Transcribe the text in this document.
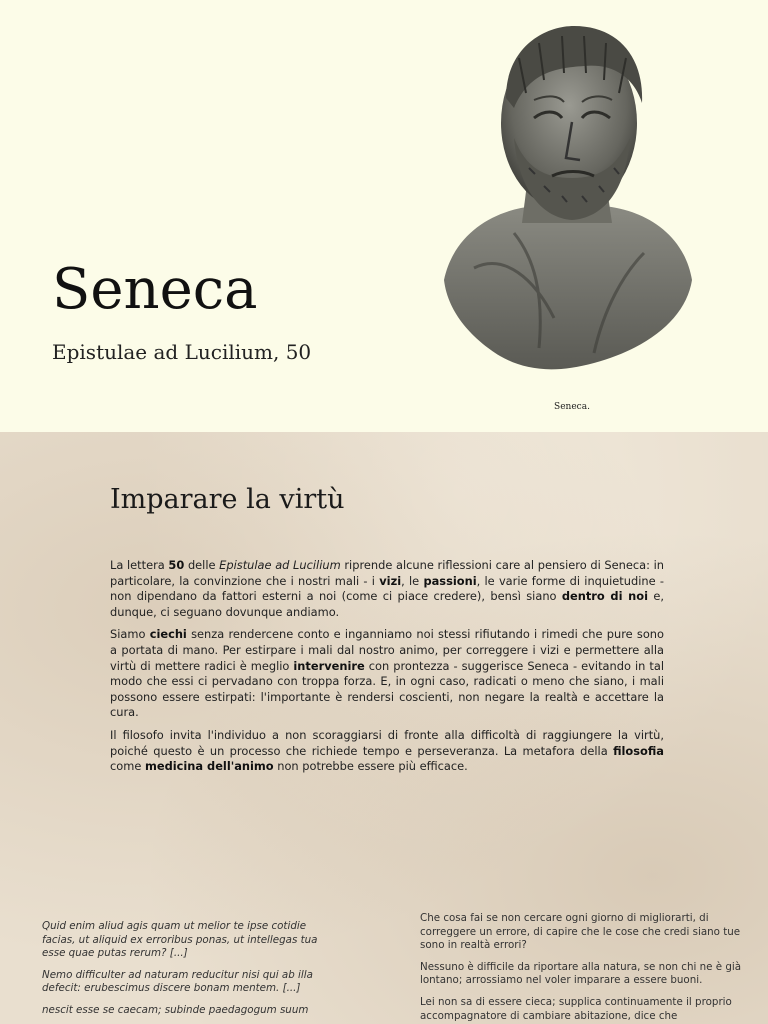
Seneca
Epistulae ad Lucilium, 50
Seneca.
Imparare la virtù

La lettera 50 delle Epistulae ad Lucilium riprende alcune riflessioni care al pensiero di Seneca: in particolare, la convinzione che i nostri mali - i vizi, le passioni, le varie forme di inquietudine - non dipendano da fattori esterni a noi (come ci piace credere), bensì siano dentro di noi e, dunque, ci seguano dovunque andiamo.

Siamo ciechi senza rendercene conto e inganniamo noi stessi rifiutando i rimedi che pure sono a portata di mano. Per estirpare i mali dal nostro animo, per correggere i vizi e permettere alla virtù di mettere radici è meglio intervenire con prontezza - suggerisce Seneca - evitando in tal modo che essi ci pervadano con troppa forza. E, in ogni caso, radicati o meno che siano, i mali possono essere estirpati: l'importante è rendersi coscienti, non negare la realtà e accettare la cura.

Il filosofo invita l'individuo a non scoraggiarsi di fronte alla difficoltà di raggiungere la virtù, poiché questo è un processo che richiede tempo e perseveranza. La metafora della filosofia come medicina dell'animo non potrebbe essere più efficace.

Quid enim aliud agis quam ut melior te ipse cotidie facias, ut aliquid ex erroribus ponas, ut intellegas tua esse quae putas rerum? [...]

Nemo difficulter ad naturam reducitur nisi qui ab illa defecit: erubescimus discere bonam mentem. [...]

nescit esse se caecam; subinde paedagogum suum

Che cosa fai se non cercare ogni giorno di migliorarti, di correggere un errore, di capire che le cose che credi siano tue sono in realtà errori?

Nessuno è difficile da riportare alla natura, se non chi ne è già lontano; arrossiamo nel voler imparare a essere buoni.

Lei non sa di essere cieca; supplica continuamente il proprio accompagnatore di cambiare abitazione, dice che
